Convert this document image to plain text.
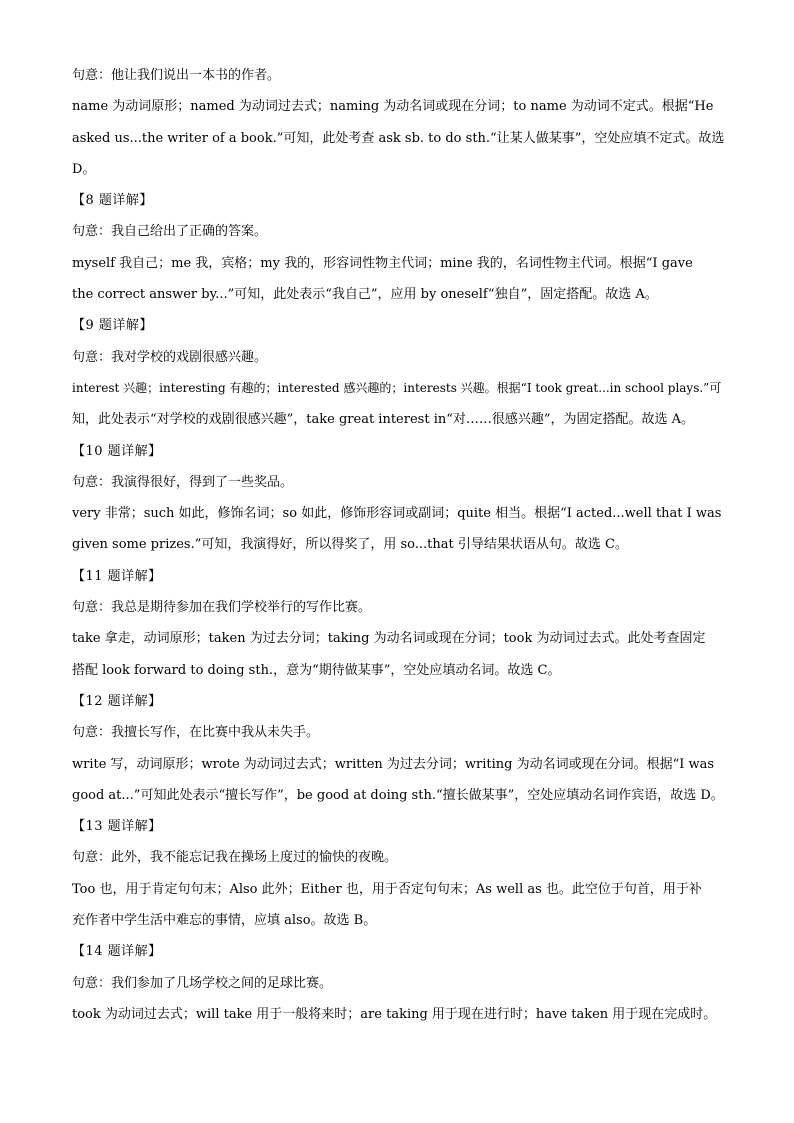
句意：他让我们说出一本书的作者。
name 为动词原形；named 为动词过去式；naming 为动名词或现在分词；to name 为动词不定式。根据“He
asked us...the writer of a book.”可知，此处考查 ask sb. to do sth.“让某人做某事”，空处应填不定式。故选
D。
【8 题详解】
句意：我自己给出了正确的答案。
myself 我自己；me 我，宾格；my 我的，形容词性物主代词；mine 我的，名词性物主代词。根据“I gave
the correct answer by...”可知，此处表示“我自己”，应用 by oneself“独自”，固定搭配。故选 A。
【9 题详解】
句意：我对学校的戏剧很感兴趣。
interest 兴趣；interesting 有趣的；interested 感兴趣的；interests 兴趣。根据“I took great...in school plays.”可
知，此处表示“对学校的戏剧很感兴趣”，take great interest in“对……很感兴趣”，为固定搭配。故选 A。
【10 题详解】
句意：我演得很好，得到了一些奖品。
very 非常；such 如此，修饰名词；so 如此，修饰形容词或副词；quite 相当。根据“I acted...well that I was
given some prizes.”可知，我演得好，所以得奖了，用 so...that 引导结果状语从句。故选 C。
【11 题详解】
句意：我总是期待参加在我们学校举行的写作比赛。
take 拿走，动词原形；taken 为过去分词；taking 为动名词或现在分词；took 为动词过去式。此处考查固定
搭配 look forward to doing sth.，意为“期待做某事”，空处应填动名词。故选 C。
【12 题详解】
句意：我擅长写作，在比赛中我从未失手。
write 写，动词原形；wrote 为动词过去式；written 为过去分词；writing 为动名词或现在分词。根据“I was
good at...”可知此处表示“擅长写作”，be good at doing sth.“擅长做某事”，空处应填动名词作宾语，故选 D。
【13 题详解】
句意：此外，我不能忘记我在操场上度过的愉快的夜晚。
Too 也，用于肯定句句末；Also 此外；Either 也，用于否定句句末；As well as 也。此空位于句首，用于补
充作者中学生活中难忘的事情，应填 also。故选 B。
【14 题详解】
句意：我们参加了几场学校之间的足球比赛。
took 为动词过去式；will take 用于一般将来时；are taking 用于现在进行时；have taken 用于现在完成时。
